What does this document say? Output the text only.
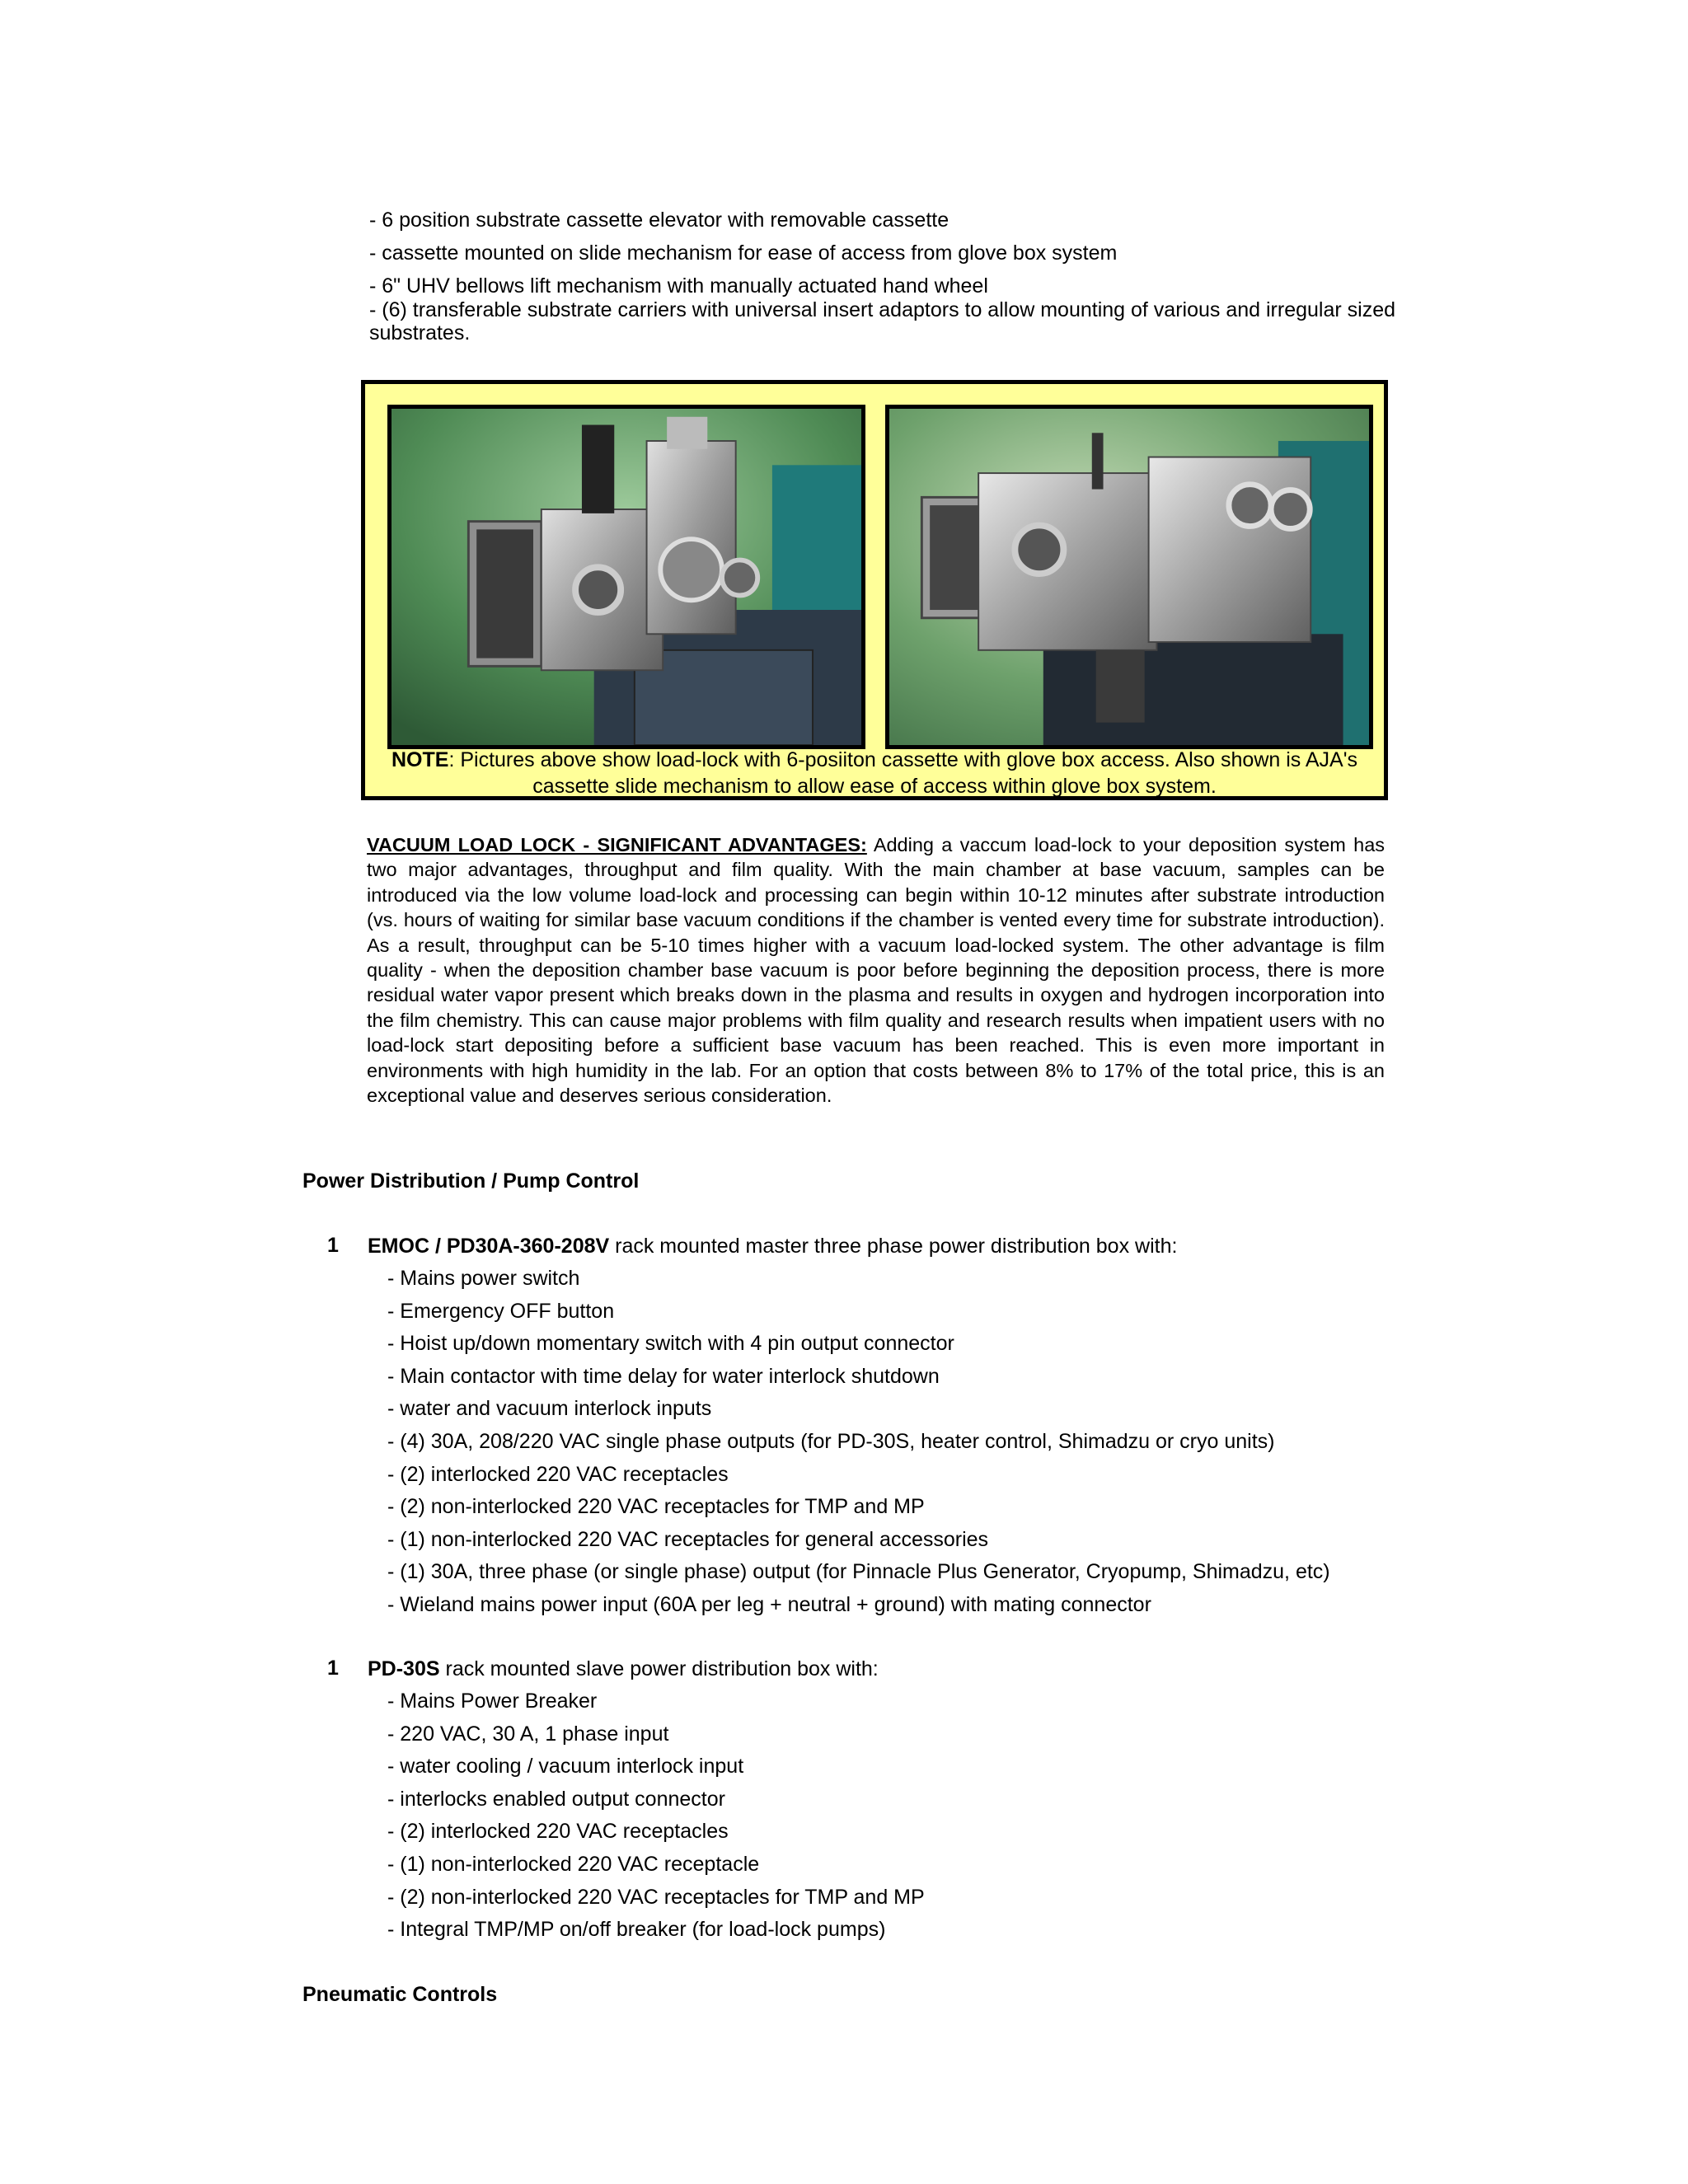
- 6 position substrate cassette elevator with removable cassette
- cassette mounted on slide mechanism for ease of access from glove box system
- 6" UHV bellows lift mechanism with manually actuated hand wheel
- (6) transferable substrate carriers with universal insert adaptors to allow mounting of various and irregular sized substrates.
NOTE: Pictures above show load-lock with 6-posiiton cassette with glove box access. Also shown is AJA's cassette slide mechanism to allow ease of access within glove box system.
VACUUM LOAD LOCK - SIGNIFICANT ADVANTAGES: Adding a vaccum load-lock to your deposition system has two major advantages, throughput and film quality. With the main chamber at base vacuum, samples can be introduced via the low volume load-lock and processing can begin within 10-12 minutes after substrate introduction (vs. hours of waiting for similar base vacuum conditions if the chamber is vented every time for substrate introduction). As a result, throughput can be 5-10 times higher with a vacuum load-locked system. The other advantage is film quality - when the deposition chamber base vacuum is poor before beginning the deposition process, there is more residual water vapor present which breaks down in the plasma and results in oxygen and hydrogen incorporation into the film chemistry. This can cause major problems with film quality and research results when impatient users with no load-lock start depositing before a sufficient base vacuum has been reached. This is even more important in environments with high humidity in the lab. For an option that costs between 8% to 17% of the total price, this is an exceptional value and deserves serious consideration.
Power Distribution / Pump Control
1 EMOC / PD30A-360-208V rack mounted master three phase power distribution box with:
- Mains power switch
- Emergency OFF button
- Hoist up/down momentary switch with 4 pin output connector
- Main contactor with time delay for water interlock shutdown
- water and vacuum interlock inputs
- (4) 30A, 208/220 VAC single phase outputs (for PD-30S, heater control, Shimadzu or cryo units)
- (2) interlocked 220 VAC receptacles
- (2) non-interlocked 220 VAC receptacles for TMP and MP
- (1) non-interlocked 220 VAC receptacles for general accessories
- (1) 30A, three phase (or single phase) output (for Pinnacle Plus Generator, Cryopump, Shimadzu, etc)
- Wieland mains power input (60A per leg + neutral + ground) with mating connector
1 PD-30S rack mounted slave power distribution box with:
- Mains Power Breaker
- 220 VAC, 30 A, 1 phase input
- water cooling / vacuum interlock input
- interlocks enabled output connector
- (2) interlocked 220 VAC receptacles
- (1) non-interlocked 220 VAC receptacle
- (2) non-interlocked 220 VAC receptacles for TMP and MP
- Integral TMP/MP on/off breaker (for load-lock pumps)
Pneumatic Controls
